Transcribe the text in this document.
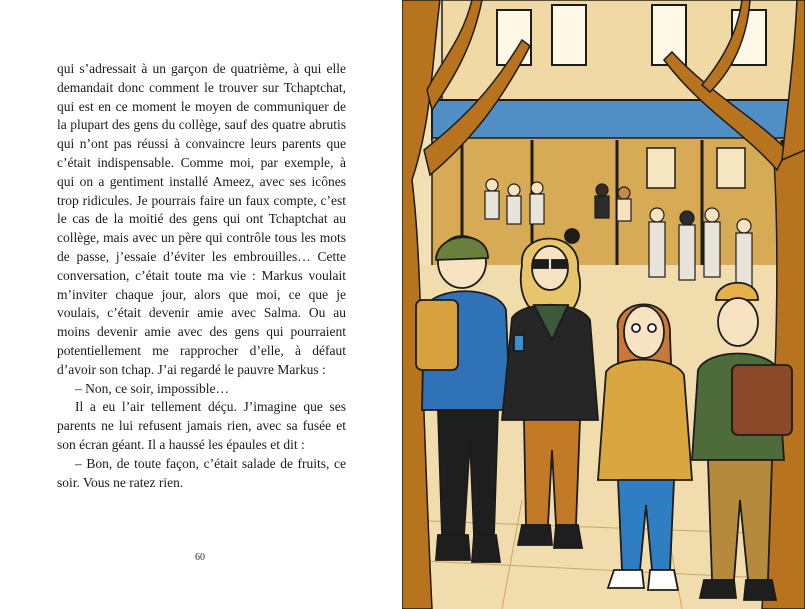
qui s’adressait à un garçon de quatrième, à qui elle demandait donc comment le trouver sur Tchaptchat, qui est en ce moment le moyen de communiquer de la plupart des gens du collège, sauf des quatre abrutis qui n’ont pas réussi à convaincre leurs parents que c’était indispensable. Comme moi, par exemple, à qui on a gentiment installé Ameez, avec ses icônes trop ridicules. Je pourrais faire un faux compte, c’est le cas de la moitié des gens qui ont Tchaptchat au collège, mais avec un père qui contrôle tous les mots de passe, j’essaie d’éviter les embrouilles… Cette conversation, c’était toute ma vie : Markus voulait m’inviter chaque jour, alors que moi, ce que je voulais, c’était devenir amie avec Salma. Ou au moins devenir amie avec des gens qui pourraient potentiellement me rapprocher d’elle, à défaut d’avoir son tchap. J’ai regardé le pauvre Markus :

– Non, ce soir, impossible…

Il a eu l’air tellement déçu. J’imagine que ses parents ne lui refusent jamais rien, avec sa fusée et son écran géant. Il a haussé les épaules et dit :

– Bon, de toute façon, c’était salade de fruits, ce soir. Vous ne ratez rien.

60
